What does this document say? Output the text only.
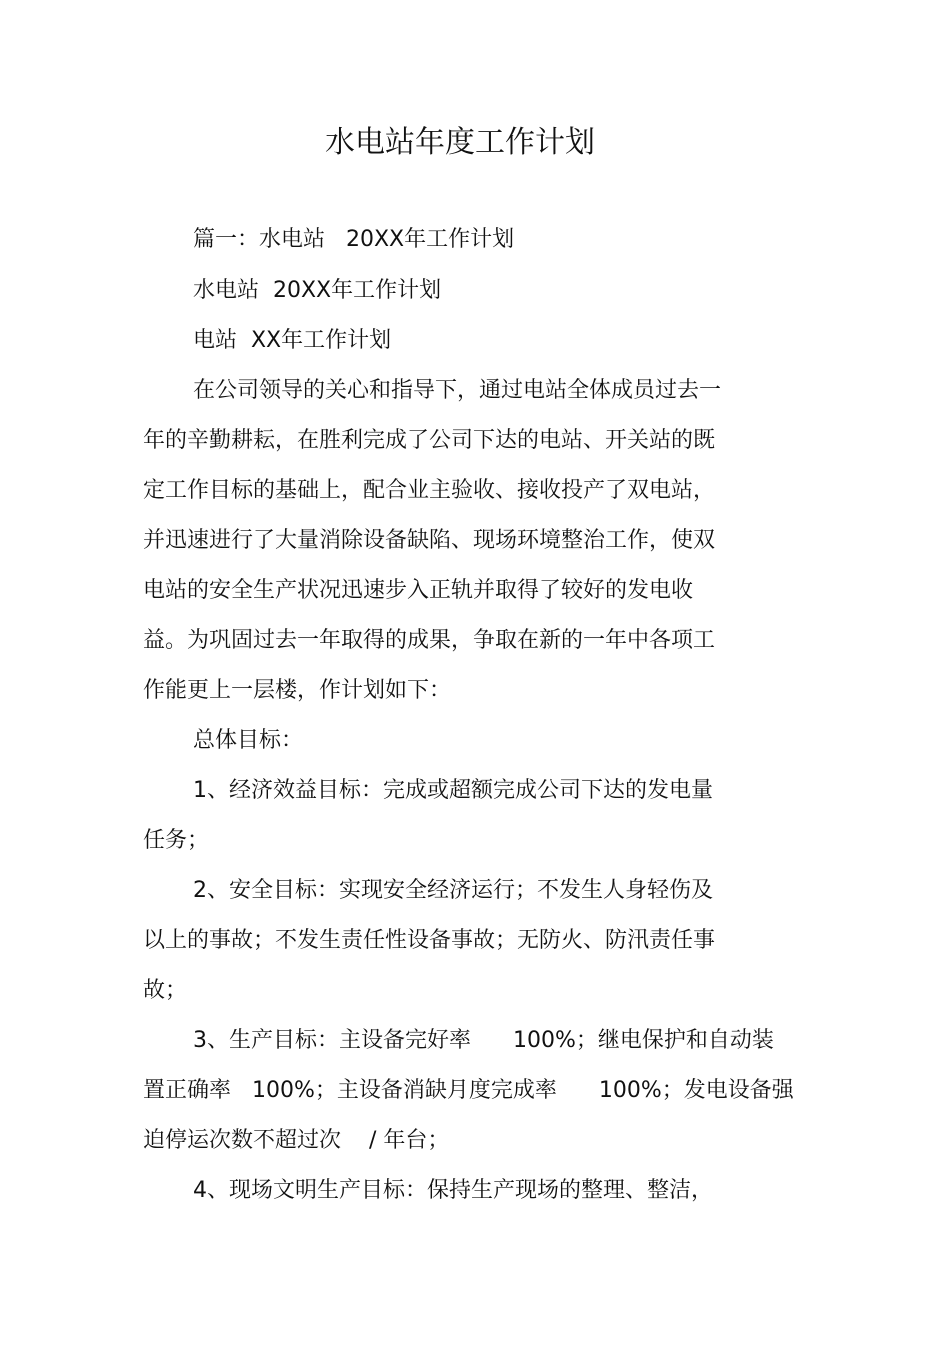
水电站年度工作计划
篇一：水电站   20XX年工作计划
水电站  20XX年工作计划
电站  XX年工作计划
在公司领导的关心和指导下，通过电站全体成员过去一
年的辛勤耕耘，在胜利完成了公司下达的电站、开关站的既
定工作目标的基础上，配合业主验收、接收投产了双电站，
并迅速进行了大量消除设备缺陷、现场环境整治工作，使双
电站的安全生产状况迅速步入正轨并取得了较好的发电收
益。为巩固过去一年取得的成果，争取在新的一年中各项工
作能更上一层楼，作计划如下：
总体目标：
1、经济效益目标：完成或超额完成公司下达的发电量
任务；
2、安全目标：实现安全经济运行；不发生人身轻伤及
以上的事故；不发生责任性设备事故；无防火、防汛责任事
故；
3、生产目标：主设备完好率      100%；继电保护和自动装
置正确率   100%；主设备消缺月度完成率      100%；发电设备强
迫停运次数不超过次    / 年台；
4、现场文明生产目标：保持生产现场的整理、整洁，
